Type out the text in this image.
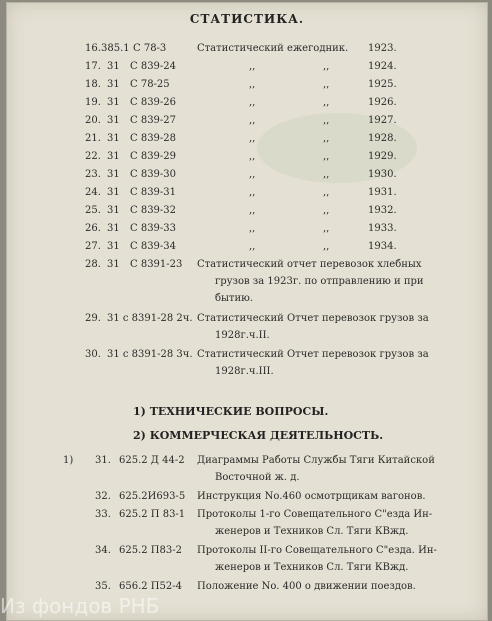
СТАТИСТИКА.
16. 385.1 С 78-3	Статистический ежегодник. 1923.
17. 31 С 839-24	,,	,,	1924.
18. 31 С 78-25	,,	,,	1925.
19. 31 С 839-26	,,	,,	1926.
20. 31 С 839-27	,,	,,	1927.
21. 31 С 839-28	,,	,,	1928.
22. 31 С 839-29	,,	,,	1929.
23. 31 С 839-30	,,	,,	1930.
24. 31 С 839-31	,,	,,	1931.
25. 31 С 839-32	,,	,,	1932.
26. 31 С 839-33	,,	,,	1933.
27. 31 С 839-34	,,	,,	1934.
28. 31 С 8391-23 Статистический отчет перевозок хлебных
грузов за 1923г. по отправлению и при
бытию.
29. 31 с 8391-28 2ч. Статистический Отчет перевозок грузов за
1928г.ч.II.
30. 31 с 8391-28 3ч. Статистический Отчет перевозок грузов за
1928г.ч.III.
1) ТЕХНИЧЕСКИЕ ВОПРОСЫ.
2) КОММЕРЧЕСКАЯ ДЕЯТЕЛЬНОСТЬ.
1) 31. 625.2 Д 44-2 Диаграммы Работы Службы Тяги Китайской
Восточной ж. д.
32. 625.2И693-5 Инструкция No.460 осмотрщикам вагонов.
33. 625.2 П 83-1 Протоколы 1-го Совещательного С"езда Ин-
женеров и Техников Сл. Тяги КВжд.
34. 625.2 П83-2 Протоколы II-го Совещательного С"езда. Ин-
женеров и Техников Сл. Тяги КВжд.
35. 656.2 П52-4 Положение No. 400 о движении поездов.
Из фондов РНБ
